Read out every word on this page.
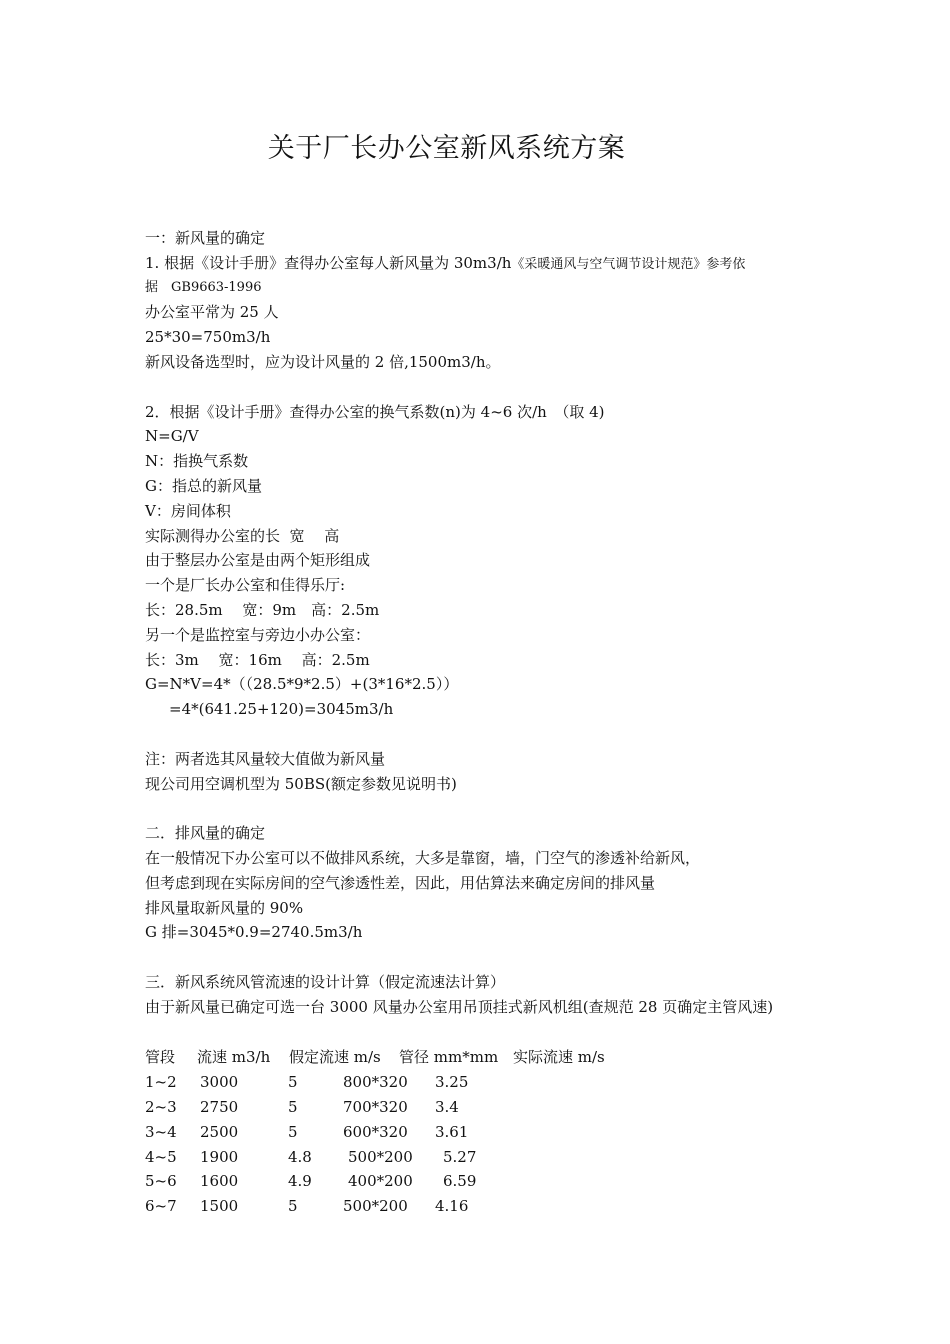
关于厂长办公室新风系统方案
一：新风量的确定
1. 根据《设计手册》查得办公室每人新风量为 30m3/h《采暖通风与空气调节设计规范》参考依
据　GB9663-1996
办公室平常为 25 人
25*30=750m3/h
新风设备选型时，应为设计风量的 2 倍,1500m3/h。
2．根据《设计手册》查得办公室的换气系数(n)为 4~6 次/h　（取 4)
N=G/V
N：指换气系数
G：指总的新风量
V：房间体积
实际测得办公室的长  宽　 高
由于整层办公室是由两个矩形组成
一个是厂长办公室和佳得乐厅:
长：28.5m　 宽：9m　高：2.5m
另一个是监控室与旁边小办公室：
长：3m　 宽：16m　 高：2.5m
G=N*V=4*（（28.5*9*2.5）+(3*16*2.5））
=4*(641.25+120)=3045m3/h
注：两者选其风量较大值做为新风量
现公司用空调机型为 50BS(额定参数见说明书)
二．排风量的确定
在一般情况下办公室可以不做排风系统，大多是靠窗，墙，门空气的渗透补给新风，
但考虑到现在实际房间的空气渗透性差，因此，用估算法来确定房间的排风量
排风量取新风量的 90%
G 排=3045*0.9=2740.5m3/h
三．新风系统风管流速的设计计算（假定流速法计算）
由于新风量已确定可选一台 3000 风量办公室用吊顶挂式新风机组(查规范 28 页确定主管风速)
管段	流速 m3/h	假定流速 m/s	管径 mm*mm 实际流速 m/s
1~2	3000	5	800*320	3.25
2~3	2750	5	700*320	3.4
3~4	2500	5	600*320	3.61
4~5	1900	4.8	500*200	5.27
5~6	1600	4.9	400*200	6.59
6~7	1500	5	500*200	4.16
